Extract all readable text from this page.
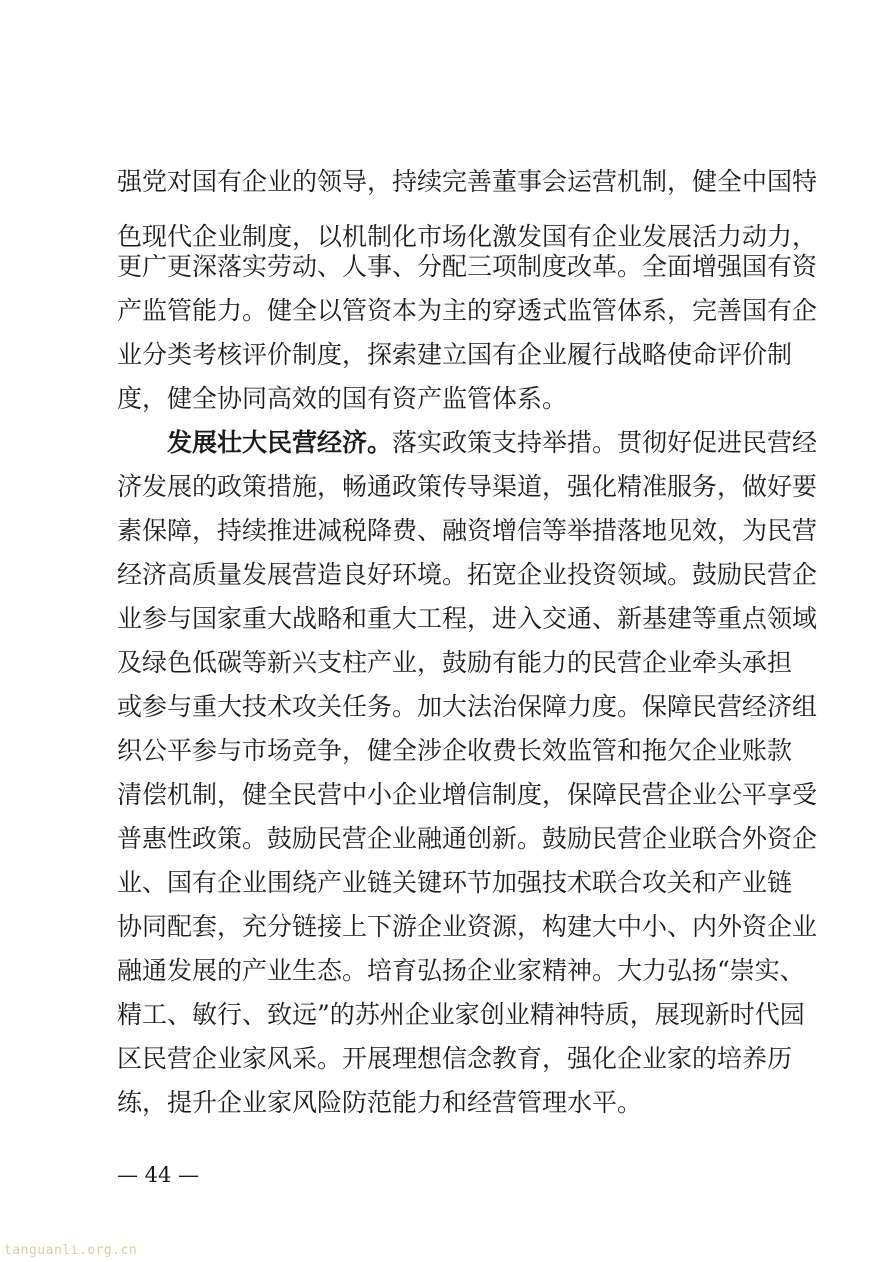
强党对国有企业的领导，持续完善董事会运营机制，健全中国特
色现代企业制度，以机制化市场化激发国有企业发展活力动力，
更广更深落实劳动、人事、分配三项制度改革。全面增强国有资
产监管能力。健全以管资本为主的穿透式监管体系，完善国有企
业分类考核评价制度，探索建立国有企业履行战略使命评价制
度，健全协同高效的国有资产监管体系。
发展壮大民营经济。落实政策支持举措。贯彻好促进民营经
济发展的政策措施，畅通政策传导渠道，强化精准服务，做好要
素保障，持续推进减税降费、融资增信等举措落地见效，为民营
经济高质量发展营造良好环境。拓宽企业投资领域。鼓励民营企
业参与国家重大战略和重大工程，进入交通、新基建等重点领域
及绿色低碳等新兴支柱产业，鼓励有能力的民营企业牵头承担
或参与重大技术攻关任务。加大法治保障力度。保障民营经济组
织公平参与市场竞争，健全涉企收费长效监管和拖欠企业账款
清偿机制，健全民营中小企业增信制度，保障民营企业公平享受
普惠性政策。鼓励民营企业融通创新。鼓励民营企业联合外资企
业、国有企业围绕产业链关键环节加强技术联合攻关和产业链
协同配套，充分链接上下游企业资源，构建大中小、内外资企业
融通发展的产业生态。培育弘扬企业家精神。大力弘扬“崇实、
精工、敏行、致远”的苏州企业家创业精神特质，展现新时代园
区民营企业家风采。开展理想信念教育，强化企业家的培养历
练，提升企业家风险防范能力和经营管理水平。
— 44 —
tanguanli.org.cn
